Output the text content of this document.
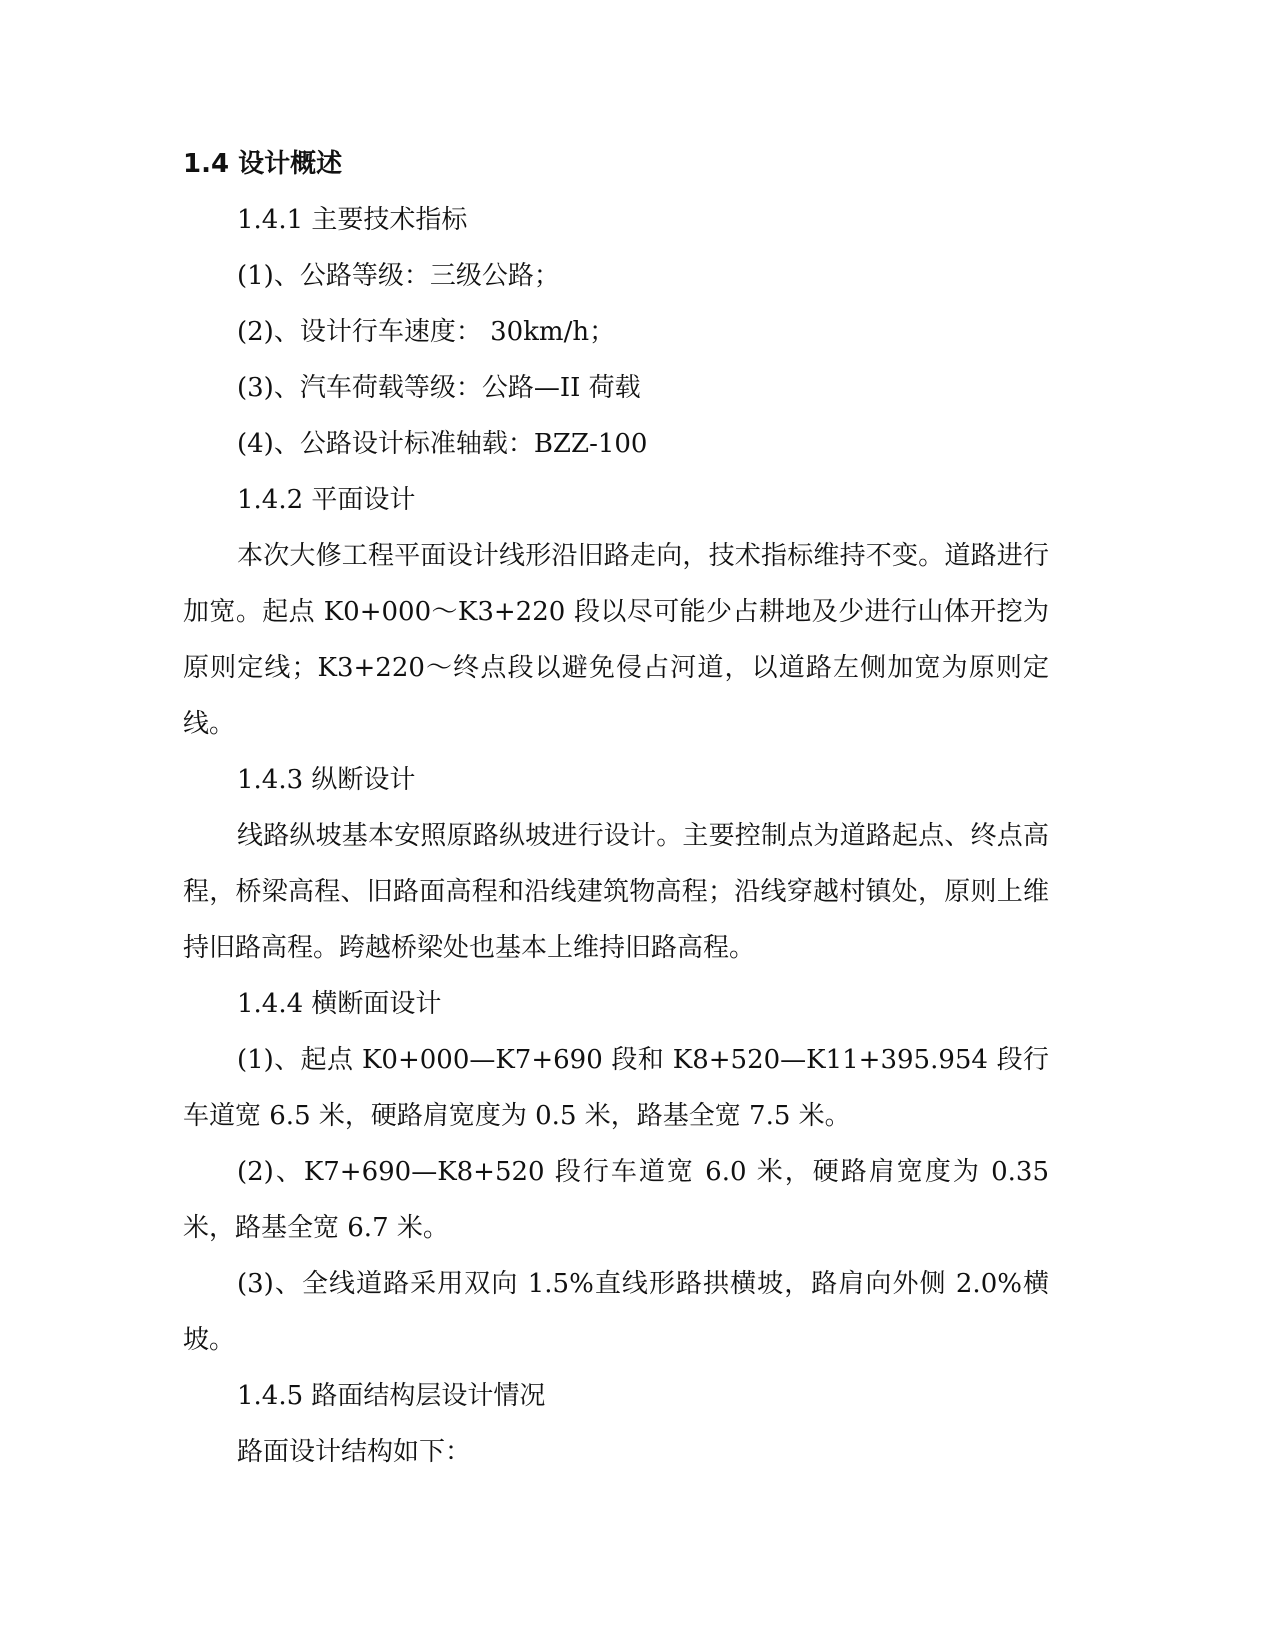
1.4 设计概述
1.4.1 主要技术指标
(1)、公路等级：三级公路；
(2)、设计行车速度： 30km/h；
(3)、汽车荷载等级：公路—II 荷载
(4)、公路设计标准轴载：BZZ-100
1.4.2 平面设计

本次大修工程平面设计线形沿旧路走向，技术指标维持不变。道路进行加宽。起点 K0+000～K3+220 段以尽可能少占耕地及少进行山体开挖为原则定线；K3+220～终点段以避免侵占河道，以道路左侧加宽为原则定线。

1.4.3 纵断设计

线路纵坡基本安照原路纵坡进行设计。主要控制点为道路起点、终点高程，桥梁高程、旧路面高程和沿线建筑物高程；沿线穿越村镇处，原则上维持旧路高程。跨越桥梁处也基本上维持旧路高程。

1.4.4 横断面设计

(1)、起点 K0+000—K7+690 段和 K8+520—K11+395.954 段行车道宽 6.5 米，硬路肩宽度为 0.5 米，路基全宽 7.5 米。

(2)、K7+690—K8+520 段行车道宽 6.0 米，硬路肩宽度为 0.35 米，路基全宽 6.7 米。

(3)、全线道路采用双向 1.5%直线形路拱横坡，路肩向外侧 2.0%横坡。

1.4.5 路面结构层设计情况
路面设计结构如下：
